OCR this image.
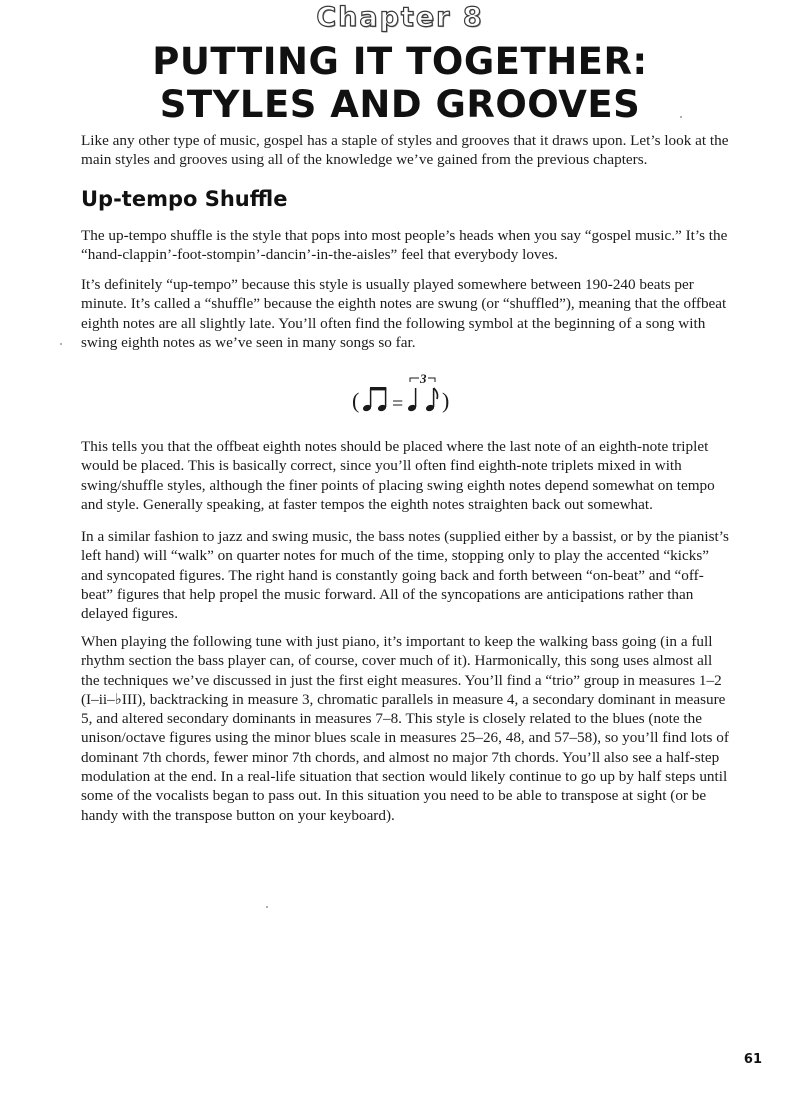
Chapter 8
PUTTING IT TOGETHER:
STYLES AND GROOVES

Like any other type of music, gospel has a staple of styles and grooves that it draws upon. Let’s look at the main styles and grooves using all of the knowledge we’ve gained from the previous chapters.

Up-tempo Shuffle

The up-tempo shuffle is the style that pops into most people’s heads when you say “gospel music.” It’s the “hand-clappin’-foot-stompin’-dancin’-in-the-aisles” feel that everybody loves.

It’s definitely “up-tempo” because this style is usually played somewhere between 190-240 beats per minute. It’s called a “shuffle” because the eighth notes are swung (or “shuffled”), meaning that the offbeat eighth notes are all slightly late. You’ll often find the following symbol at the beginning of a song with swing eighth notes as we’ve seen in many songs so far.

( =
3
)

This tells you that the offbeat eighth notes should be placed where the last note of an eighth-note triplet would be placed. This is basically correct, since you’ll often find eighth-note triplets mixed in with swing/shuffle styles, although the finer points of placing swing eighth notes depend somewhat on tempo and style. Generally speaking, at faster tempos the eighth notes straighten back out somewhat.

In a similar fashion to jazz and swing music, the bass notes (supplied either by a bassist, or by the pianist’s left hand) will “walk” on quarter notes for much of the time, stopping only to play the accented “kicks” and syncopated figures. The right hand is constantly going back and forth between “on-beat” and “off-beat” figures that help propel the music forward. All of the syncopations are anticipations rather than delayed figures.

When playing the following tune with just piano, it’s important to keep the walking bass going (in a full rhythm section the bass player can, of course, cover much of it). Harmonically, this song uses almost all the techniques we’ve discussed in just the first eight measures. You’ll find a “trio” group in measures 1–2 (I–ii–♭III), backtracking in measure 3, chromatic parallels in measure 4, a secondary dominant in measure 5, and altered secondary dominants in measures 7–8. This style is closely related to the blues (note the unison/octave figures using the minor blues scale in measures 25–26, 48, and 57–58), so you’ll find lots of dominant 7th chords, fewer minor 7th chords, and almost no major 7th chords. You’ll also see a half-step modulation at the end. In a real-life situation that section would likely continue to go up by half steps until some of the vocalists began to pass out. In this situation you need to be able to transpose at sight (or be handy with the transpose button on your keyboard).

61
